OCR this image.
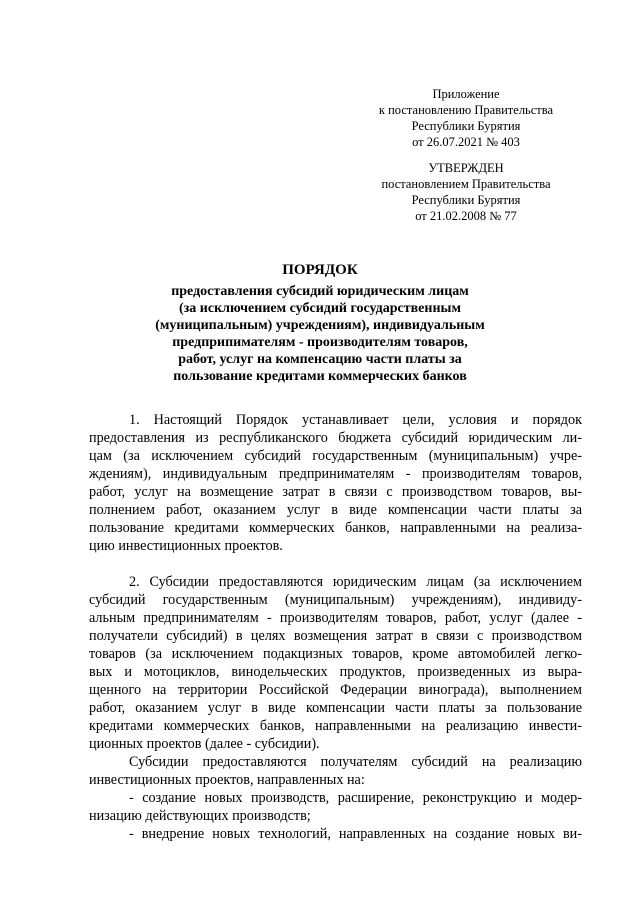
Приложение
к постановлению Правительства
Республики Бурятия
от 26.07.2021 № 403
УТВЕРЖДЕН
постановлением Правительства
Республики Бурятия
от 21.02.2008 № 77
ПОРЯДОК
предоставления субсидий юридическим лицам
(за исключением субсидий государственным
(муниципальным) учреждениям), индивидуальным
предприпимателям - производителям товаров,
работ, услуг на компенсацию части платы за
пользование кредитами коммерческих банков
1. Настоящий Порядок устанавливает цели, условия и порядок
предоставления из республиканского бюджета субсидий юридическим ли-
цам (за исключением субсидий государственным (муниципальным) учре-
ждениям), индивидуальным предпринимателям - производителям товаров,
работ, услуг на возмещение затрат в связи с производством товаров, вы-
полнением работ, оказанием услуг в виде компенсации части платы за
пользование кредитами коммерческих банков, направленными на реализа-
цию инвестиционных проектов.
2. Субсидии предоставляются юридическим лицам (за исключением
субсидий государственным (муниципальным) учреждениям), индивиду-
альным предпринимателям - производителям товаров, работ, услуг (далее -
получатели субсидий) в целях возмещения затрат в связи с производством
товаров (за исключением подакцизных товаров, кроме автомобилей легко-
вых и мотоциклов, винодельческих продуктов, произведенных из выра-
щенного на территории Российской Федерации винограда), выполнением
работ, оказанием услуг в виде компенсации части платы за пользование
кредитами коммерческих банков, направленными на реализацию инвести-
ционных проектов (далее - субсидии).
Субсидии предоставляются получателям субсидий на реализацию
инвестиционных проектов, направленных на:
- создание новых производств, расширение, реконструкцию и модер-
низацию действующих производств;
- внедрение новых технологий, направленных на создание новых ви-
